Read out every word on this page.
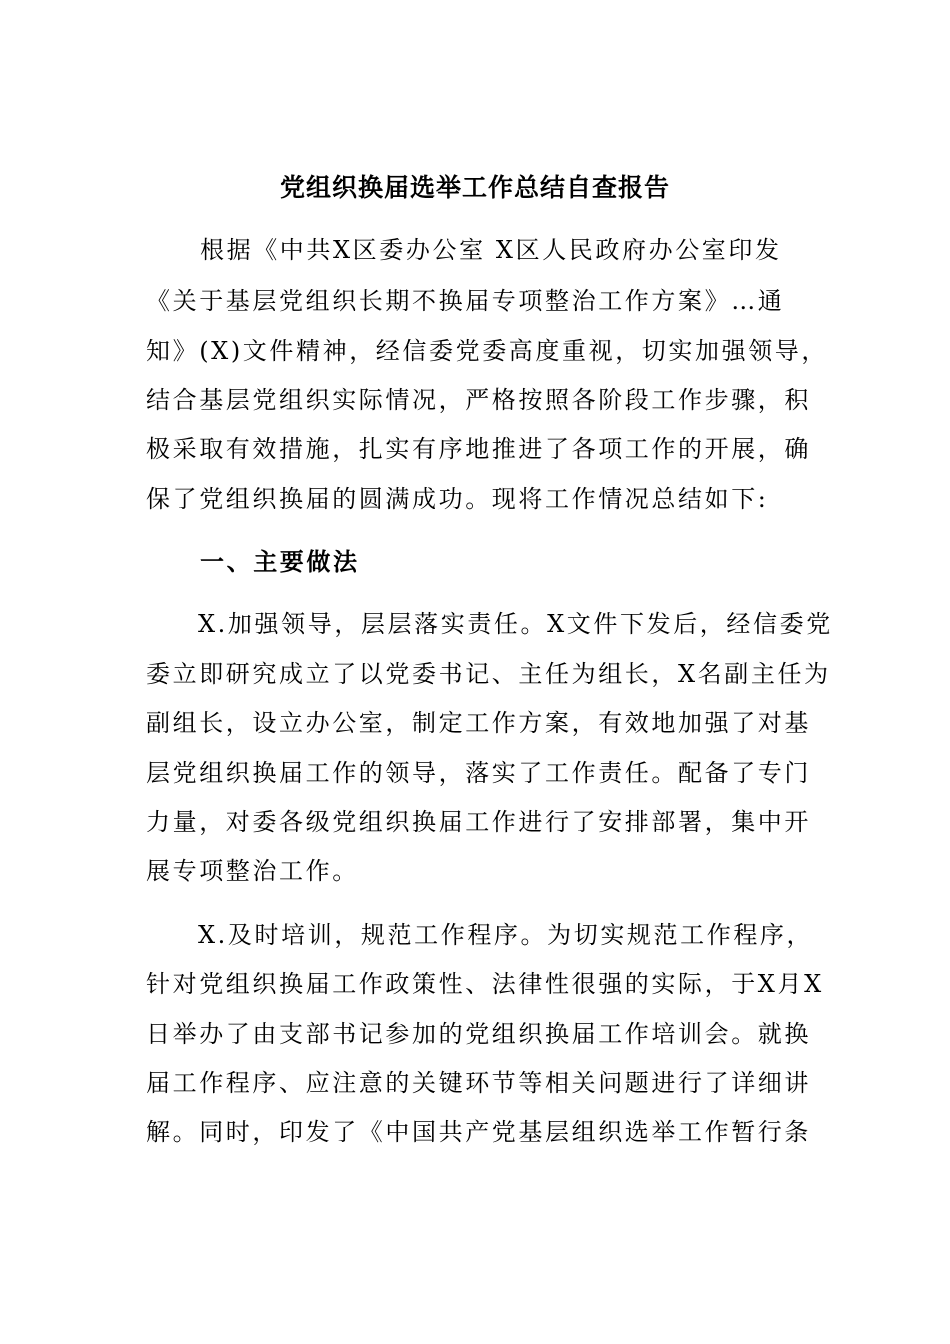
党组织换届选举工作总结自查报告
根据《中共X区委办公室 X区人民政府办公室印发
《关于基层党组织长期不换届专项整治工作方案》…通
知》(X)文件精神，经信委党委高度重视，切实加强领导，
结合基层党组织实际情况，严格按照各阶段工作步骤，积
极采取有效措施，扎实有序地推进了各项工作的开展，确
保了党组织换届的圆满成功。现将工作情况总结如下:
一、主要做法
X.加强领导，层层落实责任。X文件下发后，经信委党
委立即研究成立了以党委书记、主任为组长，X名副主任为
副组长，设立办公室，制定工作方案，有效地加强了对基
层党组织换届工作的领导，落实了工作责任。配备了专门
力量，对委各级党组织换届工作进行了安排部署，集中开
展专项整治工作。
X.及时培训，规范工作程序。为切实规范工作程序，
针对党组织换届工作政策性、法律性很强的实际，于X月X
日举办了由支部书记参加的党组织换届工作培训会。就换
届工作程序、应注意的关键环节等相关问题进行了详细讲
解。同时，印发了《中国共产党基层组织选举工作暂行条
